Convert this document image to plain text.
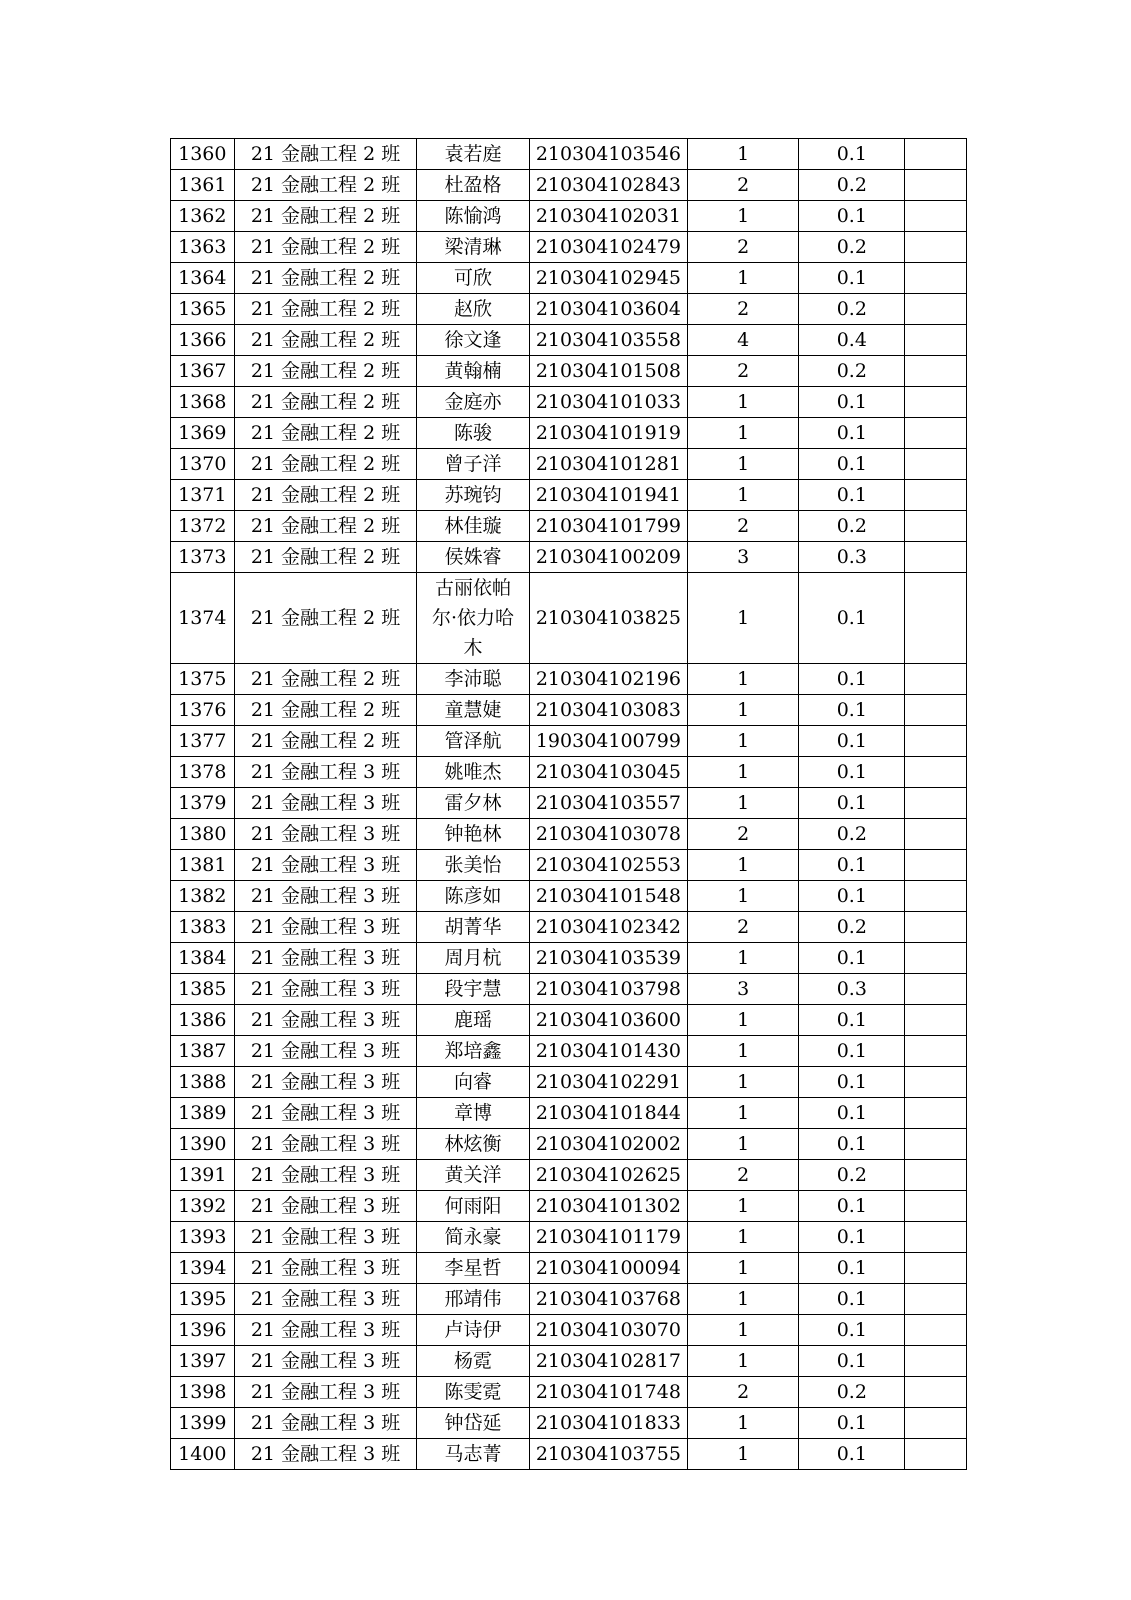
1360	21 金融工程 2 班	袁若庭	210304103546	1	0.1	
1361	21 金融工程 2 班	杜盈格	210304102843	2	0.2	
1362	21 金融工程 2 班	陈愉鸿	210304102031	1	0.1	
1363	21 金融工程 2 班	梁清琳	210304102479	2	0.2	
1364	21 金融工程 2 班	可欣	210304102945	1	0.1	
1365	21 金融工程 2 班	赵欣	210304103604	2	0.2	
1366	21 金融工程 2 班	徐文逢	210304103558	4	0.4	
1367	21 金融工程 2 班	黄翰楠	210304101508	2	0.2	
1368	21 金融工程 2 班	金庭亦	210304101033	1	0.1	
1369	21 金融工程 2 班	陈骏	210304101919	1	0.1	
1370	21 金融工程 2 班	曾子洋	210304101281	1	0.1	
1371	21 金融工程 2 班	苏琬钧	210304101941	1	0.1	
1372	21 金融工程 2 班	林佳璇	210304101799	2	0.2	
1373	21 金融工程 2 班	侯姝睿	210304100209	3	0.3	
1374	21 金融工程 2 班	古丽依帕尔·依力哈木	210304103825	1	0.1	
1375	21 金融工程 2 班	李沛聪	210304102196	1	0.1	
1376	21 金融工程 2 班	童慧婕	210304103083	1	0.1	
1377	21 金融工程 2 班	管泽航	190304100799	1	0.1	
1378	21 金融工程 3 班	姚唯杰	210304103045	1	0.1	
1379	21 金融工程 3 班	雷夕林	210304103557	1	0.1	
1380	21 金融工程 3 班	钟艳林	210304103078	2	0.2	
1381	21 金融工程 3 班	张美怡	210304102553	1	0.1	
1382	21 金融工程 3 班	陈彦如	210304101548	1	0.1	
1383	21 金融工程 3 班	胡菁华	210304102342	2	0.2	
1384	21 金融工程 3 班	周月杭	210304103539	1	0.1	
1385	21 金融工程 3 班	段宇慧	210304103798	3	0.3	
1386	21 金融工程 3 班	鹿瑶	210304103600	1	0.1	
1387	21 金融工程 3 班	郑培鑫	210304101430	1	0.1	
1388	21 金融工程 3 班	向睿	210304102291	1	0.1	
1389	21 金融工程 3 班	章博	210304101844	1	0.1	
1390	21 金融工程 3 班	林炫衡	210304102002	1	0.1	
1391	21 金融工程 3 班	黄关洋	210304102625	2	0.2	
1392	21 金融工程 3 班	何雨阳	210304101302	1	0.1	
1393	21 金融工程 3 班	简永豪	210304101179	1	0.1	
1394	21 金融工程 3 班	李星哲	210304100094	1	0.1	
1395	21 金融工程 3 班	邢靖伟	210304103768	1	0.1	
1396	21 金融工程 3 班	卢诗伊	210304103070	1	0.1	
1397	21 金融工程 3 班	杨霓	210304102817	1	0.1	
1398	21 金融工程 3 班	陈雯霓	210304101748	2	0.2	
1399	21 金融工程 3 班	钟岱延	210304101833	1	0.1	
1400	21 金融工程 3 班	马志菁	210304103755	1	0.1	
